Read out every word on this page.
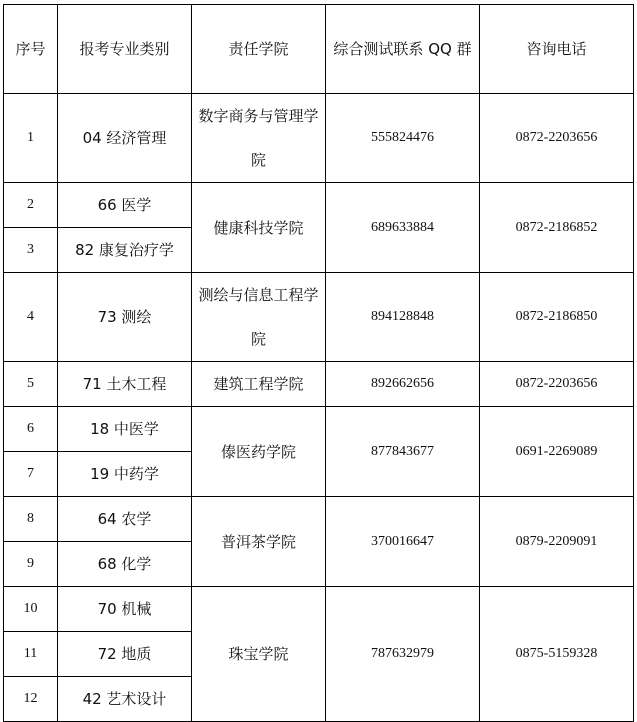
序号	报考专业类别	责任学院	综合测试联系 QQ 群	咨询电话
1	04 经济管理	数字商务与管理学院	555824476	0872-2203656
2	66 医学	健康科技学院	689633884	0872-2186852
3	82 康复治疗学			
4	73 测绘	测绘与信息工程学院	894128848	0872-2186850
5	71 土木工程	建筑工程学院	892662656	0872-2203656
6	18 中医学	傣医药学院	877843677	0691-2269089
7	19 中药学			
8	64 农学	普洱茶学院	370016647	0879-2209091
9	68 化学			
10	70 机械	珠宝学院	787632979	0875-5159328
11	72 地质			
12	42 艺术设计			
